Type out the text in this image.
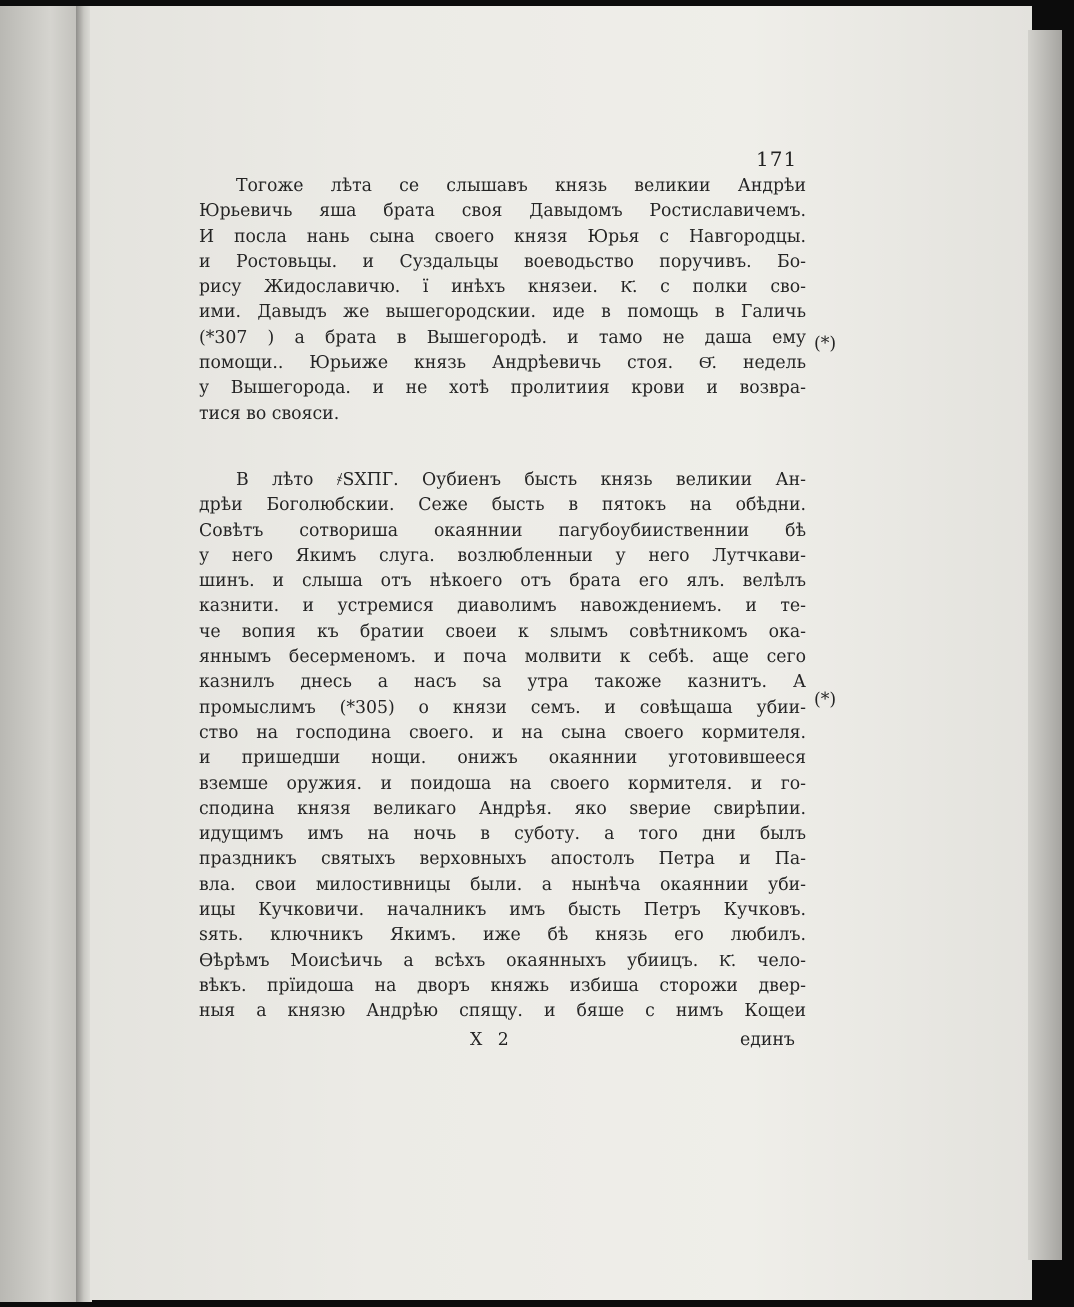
171
Тогоже лѣта се слышавъ князь великии Андрѣи
Юрьевичь яша брата своя Давыдомъ Ростиславичемъ.
И посла нань сына своего князя Юрья с Навгородцы.
и Ростовьцы. и Суздальцы воеводьство поручивъ. Бо-
рису Жидославичю. ї инѣхъ князеи. К҃. с полки сво-
ими. Давыдъ же вышегородскии. иде в помощь в Галичь
(*307 ) а брата в Вышегородѣ. и тамо не даша ему
помощи.. Юрьиже князь Андрѣевичь стоя. Ѳ҃. недель
у Вышегорода. и не хотѣ пролитиия крови и возвра-
тися во свояси.
В лѣто ҂ЅХПГ. Оубиенъ бысть князь великии Ан-
дрѣи Боголюбскии. Сеже бысть в пятокъ на обѣдни.
Совѣтъ сотвориша окаяннии пагубоубииственнии бѣ
у него Якимъ слуга. возлюбленныи у него Лутчкави-
шинъ. и слыша отъ нѣкоего отъ брата его ялъ. велѣлъ
казнити. и устремися диаволимъ навождениемъ. и те-
че вопия къ братии своеи к ѕлымъ совѣтникомъ ока-
яннымъ бесерменомъ. и поча молвити к себѣ. аще сего
казнилъ днесь а насъ ѕа утра такоже казнитъ. А
промыслимъ (*305) о князи семъ. и совѣщаша убии-
ство на господина своего. и на сына своего кормителя.
и пришедши нощи. онижъ окаяннии уготовившееся
вземше оружия. и поидоша на своего кормителя. и го-
сподина князя великаго Андрѣя. яко ѕверие свирѣпии.
идущимъ имъ на ночь в суботу. а того дни былъ
праздникъ святыхъ верховныхъ апостолъ Петра и Па-
вла. свои милостивницы были. а нынѣча окаяннии уби-
ицы Кучковичи. началникъ имъ бысть Петръ Кучковъ.
ѕять. ключникъ Якимъ. иже бѣ князь его любилъ.
Ѳѣрѣмъ Моисѣичь а всѣхъ окаянныхъ убиицъ. К҃. чело-
вѣкъ. прїидоша на дворъ княжь избиша сторожи двер-
ныя а князю Андрѣю спящу. и бяше с нимъ Кощеи
(*)
(*)
Х 2	единъ
